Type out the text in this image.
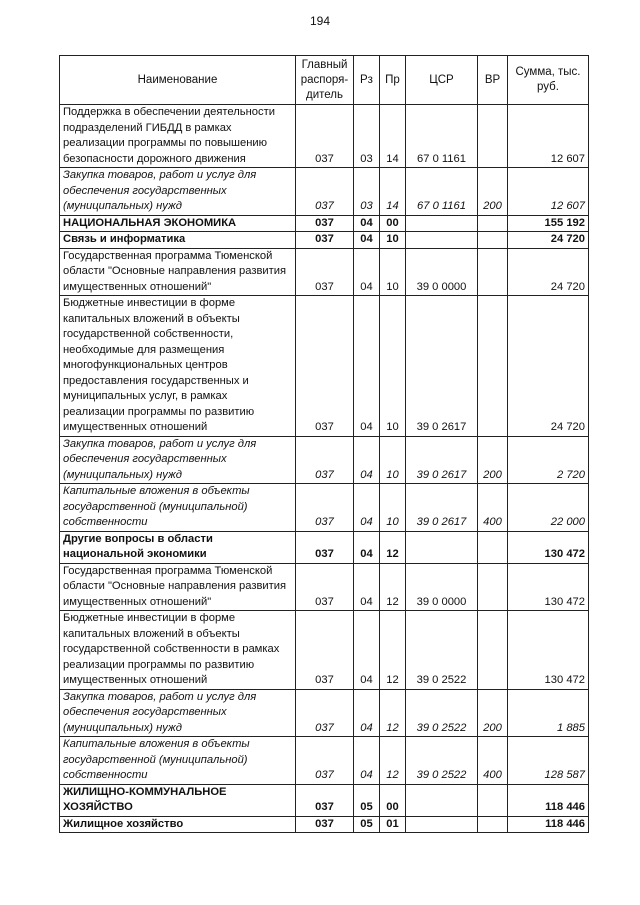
194
Наименование	Главный распоря- дитель	Рз	Пр	ЦСР	ВР	Сумма, тыс. руб.
Поддержка в обеспечении деятельности подразделений ГИБДД в рамках реализации программы по повышению безопасности дорожного движения	037	03	14	67 0 1161		12 607
Закупка товаров, работ и услуг для обеспечения государственных (муниципальных) нужд	037	03	14	67 0 1161	200	12 607
НАЦИОНАЛЬНАЯ ЭКОНОМИКА	037	04	00			155 192
Связь и информатика	037	04	10			24 720
Государственная программа Тюменской области "Основные направления развития имущественных отношений"	037	04	10	39 0 0000		24 720
Бюджетные инвестиции в форме капитальных вложений в объекты государственной собственности, необходимые для размещения многофункциональных центров предоставления государственных и муниципальных услуг, в рамках реализации программы по развитию имущественных отношений	037	04	10	39 0 2617		24 720
Закупка товаров, работ и услуг для обеспечения государственных (муниципальных) нужд	037	04	10	39 0 2617	200	2 720
Капитальные вложения в объекты государственной (муниципальной) собственности	037	04	10	39 0 2617	400	22 000
Другие вопросы в области национальной экономики	037	04	12			130 472
Государственная программа Тюменской области "Основные направления развития имущественных отношений"	037	04	12	39 0 0000		130 472
Бюджетные инвестиции в форме капитальных вложений в объекты государственной собственности в рамках реализации программы по развитию имущественных отношений	037	04	12	39 0 2522		130 472
Закупка товаров, работ и услуг для обеспечения государственных (муниципальных) нужд	037	04	12	39 0 2522	200	1 885
Капитальные вложения в объекты государственной (муниципальной) собственности	037	04	12	39 0 2522	400	128 587
ЖИЛИЩНО-КОММУНАЛЬНОЕ ХОЗЯЙСТВО	037	05	00			118 446
Жилищное хозяйство	037	05	01			118 446
